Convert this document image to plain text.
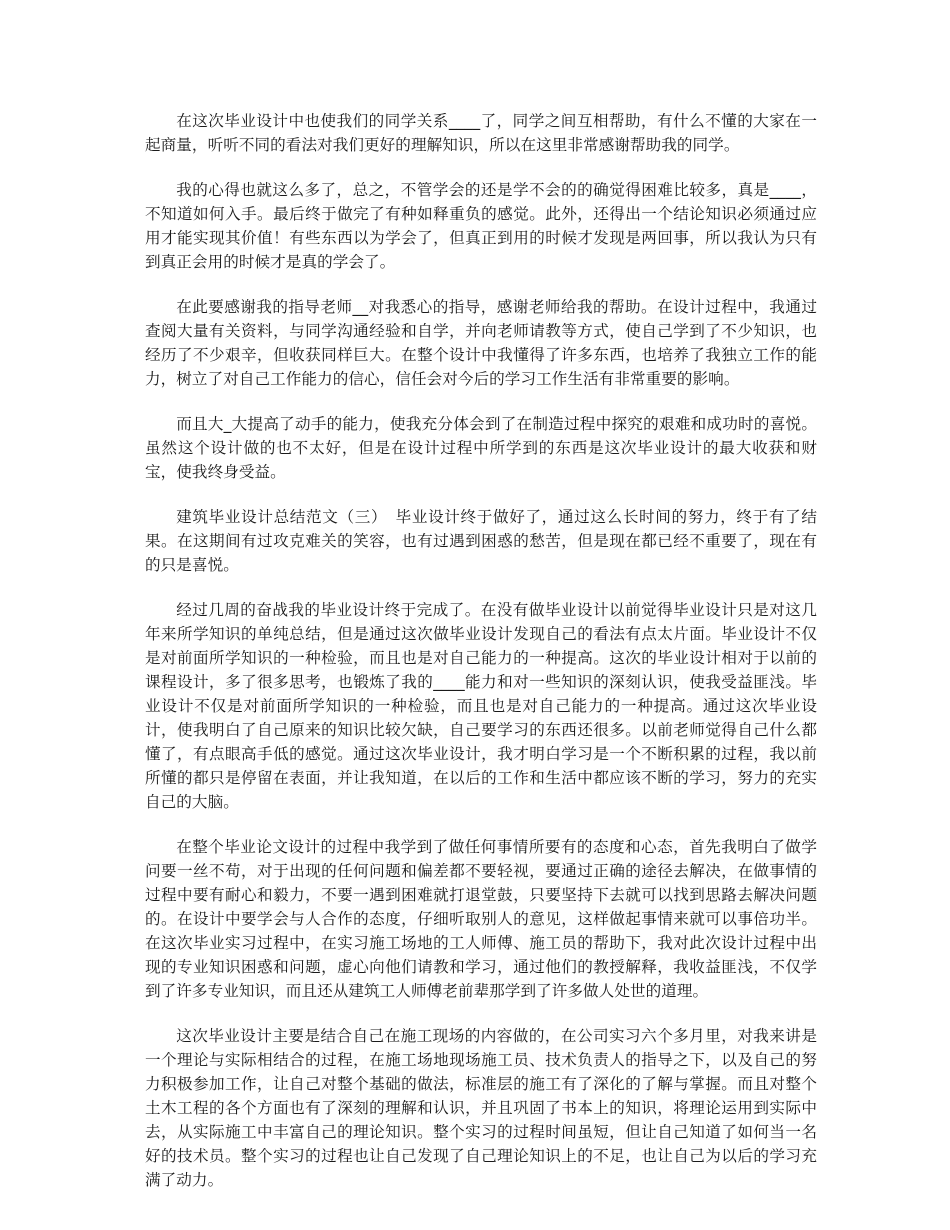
在这次毕业设计中也使我们的同学关系____了，同学之间互相帮助，有什么不懂的大家在一起商量，听听不同的看法对我们更好的理解知识，所以在这里非常感谢帮助我的同学。

我的心得也就这么多了，总之，不管学会的还是学不会的的确觉得困难比较多，真是____，不知道如何入手。最后终于做完了有种如释重负的感觉。此外，还得出一个结论知识必须通过应用才能实现其价值！有些东西以为学会了，但真正到用的时候才发现是两回事，所以我认为只有到真正会用的时候才是真的学会了。

在此要感谢我的指导老师__对我悉心的指导，感谢老师给我的帮助。在设计过程中，我通过查阅大量有关资料，与同学沟通经验和自学，并向老师请教等方式，使自己学到了不少知识，也经历了不少艰辛，但收获同样巨大。在整个设计中我懂得了许多东西，也培养了我独立工作的能力，树立了对自己工作能力的信心，信任会对今后的学习工作生活有非常重要的影响。

而且大_大提高了动手的能力，使我充分体会到了在制造过程中探究的艰难和成功时的喜悦。虽然这个设计做的也不太好，但是在设计过程中所学到的东西是这次毕业设计的最大收获和财宝，使我终身受益。

建筑毕业设计总结范文（三）　毕业设计终于做好了，通过这么长时间的努力，终于有了结果。在这期间有过攻克难关的笑容，也有过遇到困惑的愁苦，但是现在都已经不重要了，现在有的只是喜悦。

经过几周的奋战我的毕业设计终于完成了。在没有做毕业设计以前觉得毕业设计只是对这几年来所学知识的单纯总结，但是通过这次做毕业设计发现自己的看法有点太片面。毕业设计不仅是对前面所学知识的一种检验，而且也是对自己能力的一种提高。这次的毕业设计相对于以前的课程设计，多了很多思考，也锻炼了我的____能力和对一些知识的深刻认识，使我受益匪浅。毕业设计不仅是对前面所学知识的一种检验，而且也是对自己能力的一种提高。通过这次毕业设计，使我明白了自己原来的知识比较欠缺，自己要学习的东西还很多。以前老师觉得自己什么都懂了，有点眼高手低的感觉。通过这次毕业设计，我才明白学习是一个不断积累的过程，我以前所懂的都只是停留在表面，并让我知道，在以后的工作和生活中都应该不断的学习，努力的充实自己的大脑。

在整个毕业论文设计的过程中我学到了做任何事情所要有的态度和心态，首先我明白了做学问要一丝不苟，对于出现的任何问题和偏差都不要轻视，要通过正确的途径去解决，在做事情的过程中要有耐心和毅力，不要一遇到困难就打退堂鼓，只要坚持下去就可以找到思路去解决问题的。在设计中要学会与人合作的态度，仔细听取别人的意见，这样做起事情来就可以事倍功半。在这次毕业实习过程中，在实习施工场地的工人师傅、施工员的帮助下，我对此次设计过程中出现的专业知识困惑和问题，虚心向他们请教和学习，通过他们的教授解释，我收益匪浅，不仅学到了许多专业知识，而且还从建筑工人师傅老前辈那学到了许多做人处世的道理。

这次毕业设计主要是结合自己在施工现场的内容做的，在公司实习六个多月里，对我来讲是一个理论与实际相结合的过程，在施工场地现场施工员、技术负责人的指导之下，以及自己的努力积极参加工作，让自己对整个基础的做法，标准层的施工有了深化的了解与掌握。而且对整个土木工程的各个方面也有了深刻的理解和认识，并且巩固了书本上的知识，将理论运用到实际中去，从实际施工中丰富自己的理论知识。整个实习的过程时间虽短，但让自己知道了如何当一名好的技术员。整个实习的过程也让自己发现了自己理论知识上的不足，也让自己为以后的学习充满了动力。
